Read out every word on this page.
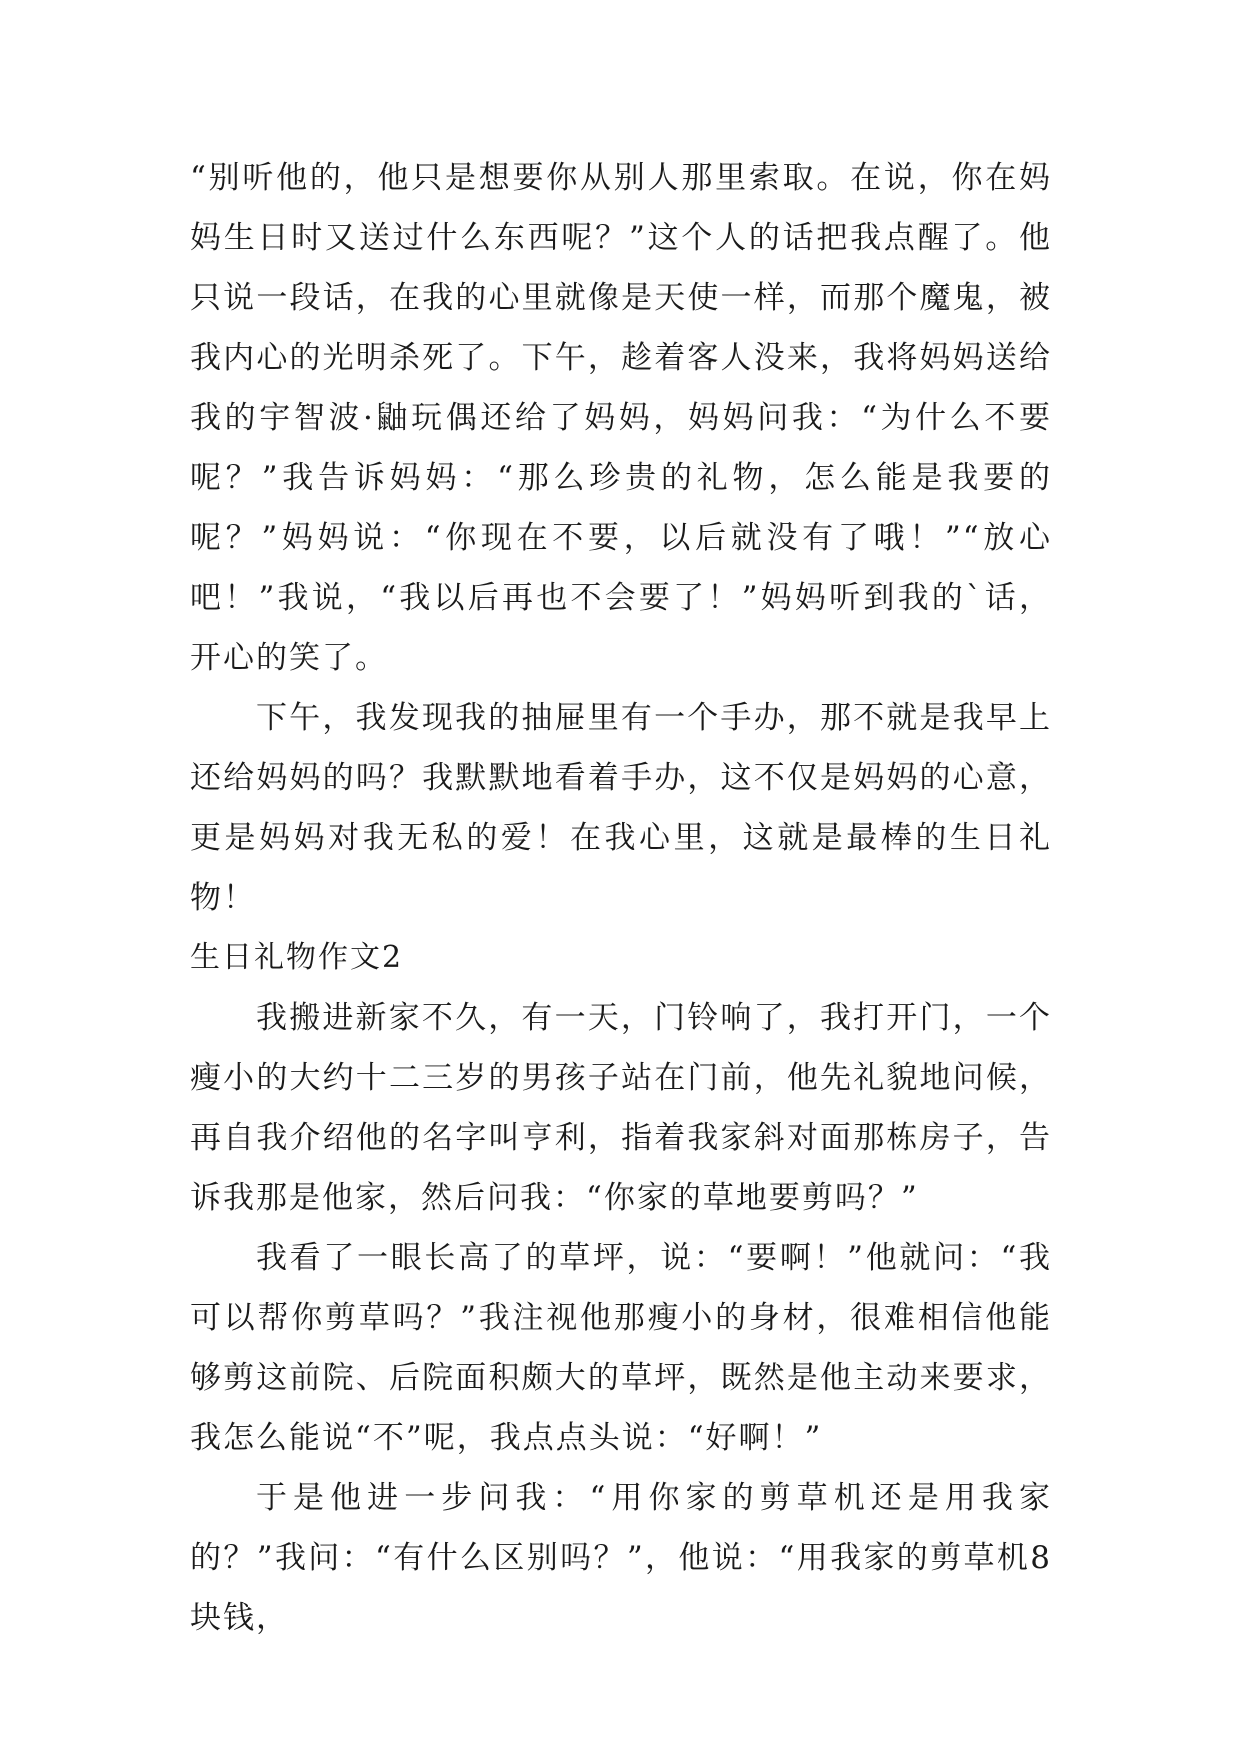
“别听他的，他只是想要你从别人那里索取。在说，你在妈妈生日时又送过什么东西呢？”这个人的话把我点醒了。他只说一段话，在我的心里就像是天使一样，而那个魔鬼，被我内心的光明杀死了。下午，趁着客人没来，我将妈妈送给我的宇智波·鼬玩偶还给了妈妈，妈妈问我：“为什么不要呢？”我告诉妈妈：“那么珍贵的礼物，怎么能是我要的呢？”妈妈说：“你现在不要，以后就没有了哦！”“放心吧！”我说，“我以后再也不会要了！”妈妈听到我的`话，开心的笑了。

下午，我发现我的抽屉里有一个手办，那不就是我早上还给妈妈的吗？我默默地看着手办，这不仅是妈妈的心意，更是妈妈对我无私的爱！在我心里，这就是最棒的生日礼物！

生日礼物作文2

我搬进新家不久，有一天，门铃响了，我打开门，一个瘦小的大约十二三岁的男孩子站在门前，他先礼貌地问候，再自我介绍他的名字叫亨利，指着我家斜对面那栋房子，告诉我那是他家，然后问我：“你家的草地要剪吗？”

我看了一眼长高了的草坪，说：“要啊！”他就问：“我可以帮你剪草吗？”我注视他那瘦小的身材，很难相信他能够剪这前院、后院面积颇大的草坪，既然是他主动来要求，我怎么能说“不”呢，我点点头说：“好啊！”

于是他进一步问我：“用你家的剪草机还是用我家的？”我问：“有什么区别吗？”，他说：“用我家的剪草机8块钱，
